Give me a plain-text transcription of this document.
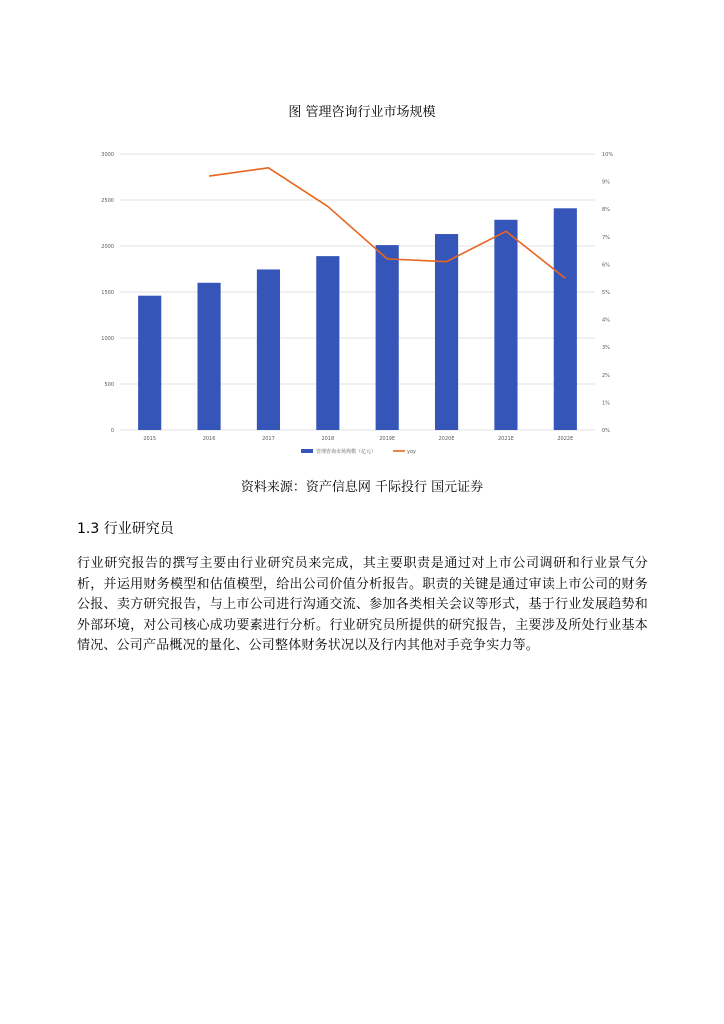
图 管理咨询行业市场规模
0
500
1000
1500
2000
2500
3000
0%
1%
2%
3%
4%
5%
6%
7%
8%
9%
10%
2015	2016	2017	2018	2019E	2020E	2021E	2022E
管理咨询市场规模（亿元）	yoy
资料来源：资产信息网 千际投行 国元证券
1.3 行业研究员
行业研究报告的撰写主要由行业研究员来完成，其主要职责是通过对上市公司调研和行业景气分析，并运用财务模型和估值模型，给出公司价值分析报告。职责的关键是通过审读上市公司的财务公报、卖方研究报告，与上市公司进行沟通交流、参加各类相关会议等形式，基于行业发展趋势和外部环境，对公司核心成功要素进行分析。行业研究员所提供的研究报告，主要涉及所处行业基本情况、公司产品概况的量化、公司整体财务状况以及行内其他对手竞争实力等。
